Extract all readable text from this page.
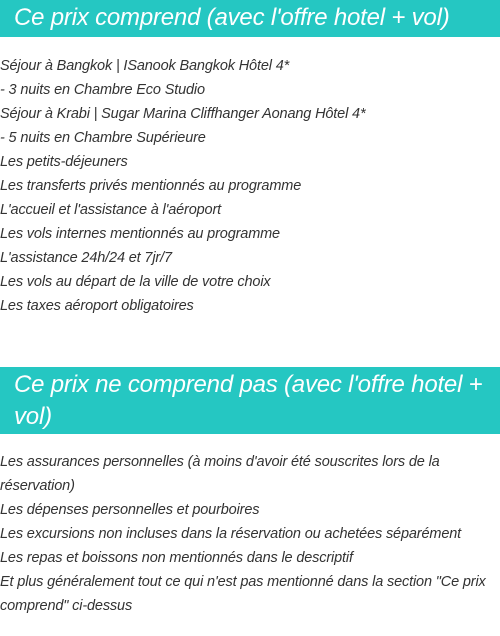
Ce prix comprend (avec l'offre hotel + vol)
Séjour à Bangkok | ISanook Bangkok Hôtel 4*
- 3 nuits en Chambre Eco Studio
Séjour à Krabi | Sugar Marina Cliffhanger Aonang Hôtel 4*
- 5 nuits en Chambre Supérieure
Les petits-déjeuners
Les transferts privés mentionnés au programme
L'accueil et l'assistance à l'aéroport
Les vols internes mentionnés au programme
L'assistance 24h/24 et 7jr/7
Les vols au départ de la ville de votre choix
Les taxes aéroport obligatoires
Ce prix ne comprend pas (avec l'offre hotel + vol)
Les assurances personnelles (à moins d'avoir été souscrites lors de la réservation)
Les dépenses personnelles et pourboires
Les excursions non incluses dans la réservation ou achetées séparément
Les repas et boissons non mentionnés dans le descriptif
Et plus généralement tout ce qui n'est pas mentionné dans la section "Ce prix comprend" ci-dessus
